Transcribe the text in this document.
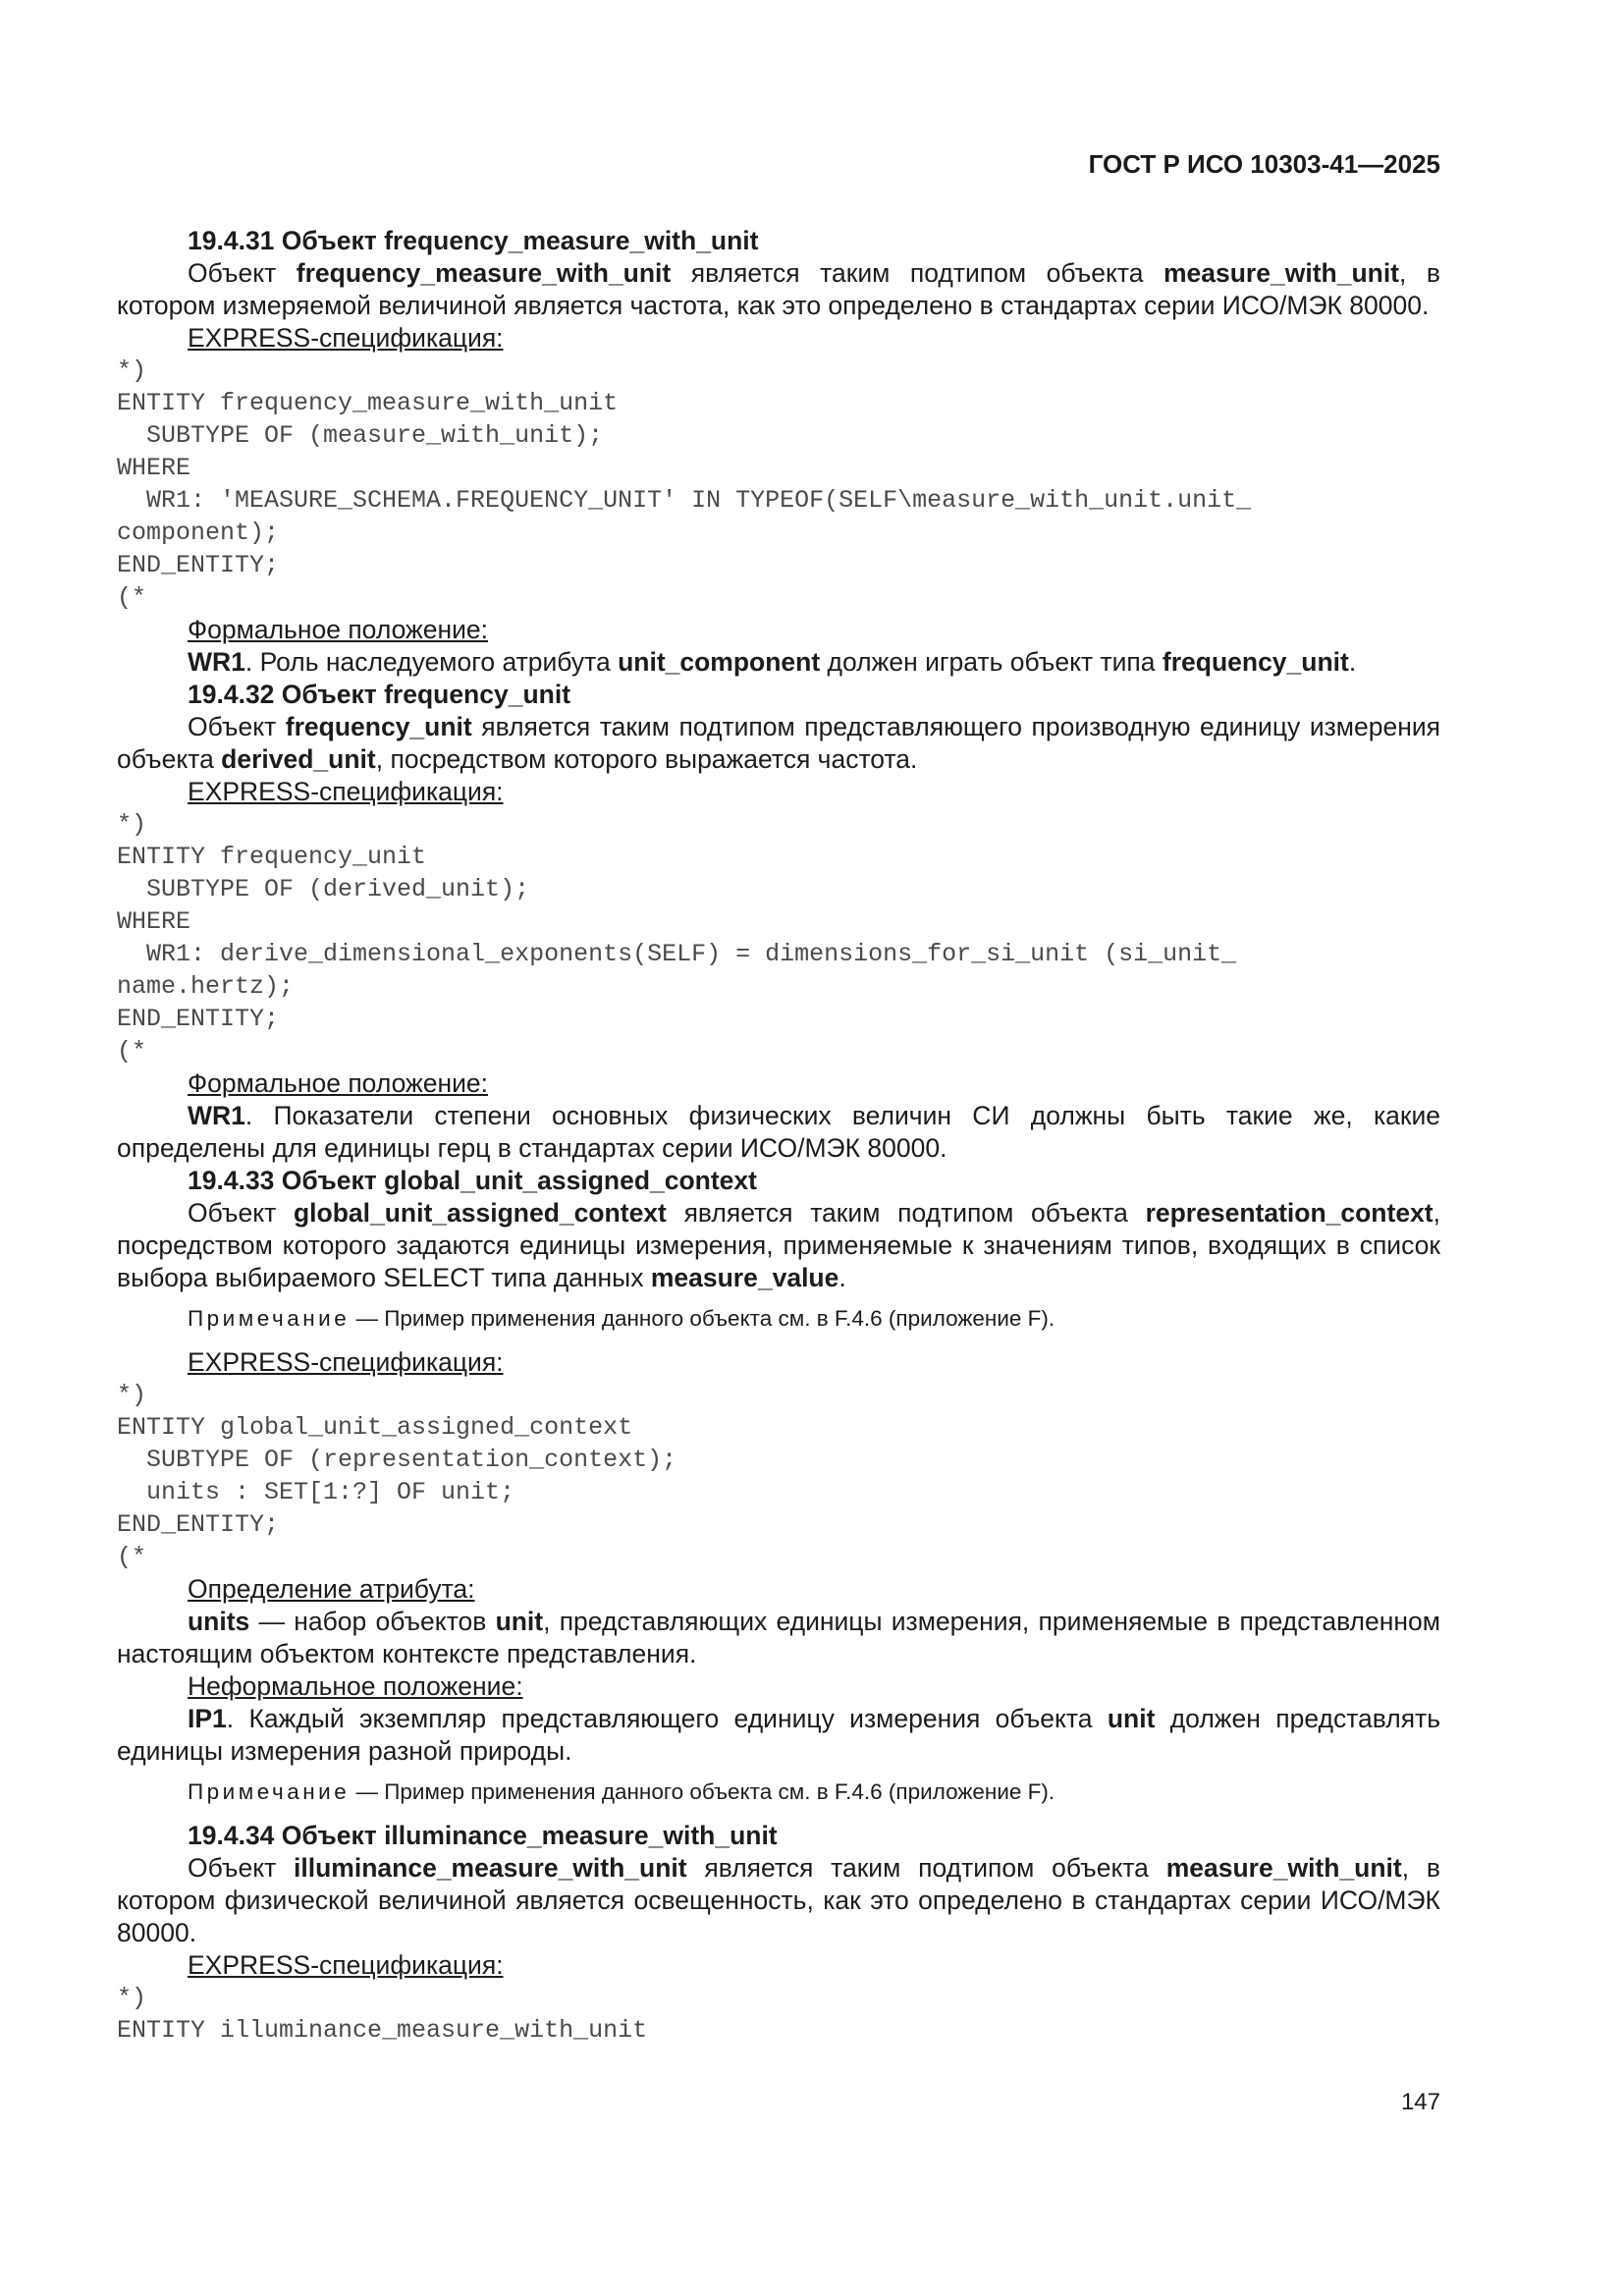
ГОСТ Р ИСО 10303-41—2025

19.4.31 Объект frequency_measure_with_unit

Объект frequency_measure_with_unit является таким подтипом объекта measure_with_unit, в котором измеряемой величиной является частота, как это определено в стандартах серии ИСО/МЭК 80000.

EXPRESS-спецификация:

*)
ENTITY frequency_measure_with_unit
SUBTYPE OF (measure_with_unit);
WHERE
WR1: 'MEASURE_SCHEMA.FREQUENCY_UNIT' IN TYPEOF(SELF\measure_with_unit.unit_
component);
END_ENTITY;
(*

Формальное положение:

WR1. Роль наследуемого атрибута unit_component должен играть объект типа frequency_unit.

19.4.32 Объект frequency_unit

Объект frequency_unit является таким подтипом представляющего производную единицу измерения объекта derived_unit, посредством которого выражается частота.

EXPRESS-спецификация:

*)
ENTITY frequency_unit
SUBTYPE OF (derived_unit);
WHERE
WR1: derive_dimensional_exponents(SELF) = dimensions_for_si_unit (si_unit_
name.hertz);
END_ENTITY;
(*

Формальное положение:

WR1. Показатели степени основных физических величин СИ должны быть такие же, какие определены для единицы герц в стандартах серии ИСО/МЭК 80000.

19.4.33 Объект global_unit_assigned_context

Объект global_unit_assigned_context является таким подтипом объекта representation_context, посредством которого задаются единицы измерения, применяемые к значениям типов, входящих в список выбора выбираемого SELECT типа данных measure_value.

Примечание — Пример применения данного объекта см. в F.4.6 (приложение F).

EXPRESS-спецификация:

*)
ENTITY global_unit_assigned_context
SUBTYPE OF (representation_context);
units : SET[1:?] OF unit;
END_ENTITY;
(*

Определение атрибута:

units — набор объектов unit, представляющих единицы измерения, применяемые в представленном настоящим объектом контексте представления.

Неформальное положение:

IP1. Каждый экземпляр представляющего единицу измерения объекта unit должен представлять единицы измерения разной природы.

Примечание — Пример применения данного объекта см. в F.4.6 (приложение F).

19.4.34 Объект illuminance_measure_with_unit

Объект illuminance_measure_with_unit является таким подтипом объекта measure_with_unit, в котором физической величиной является освещенность, как это определено в стандартах серии ИСО/МЭК 80000.

EXPRESS-спецификация:

*)
ENTITY illuminance_measure_with_unit
147
